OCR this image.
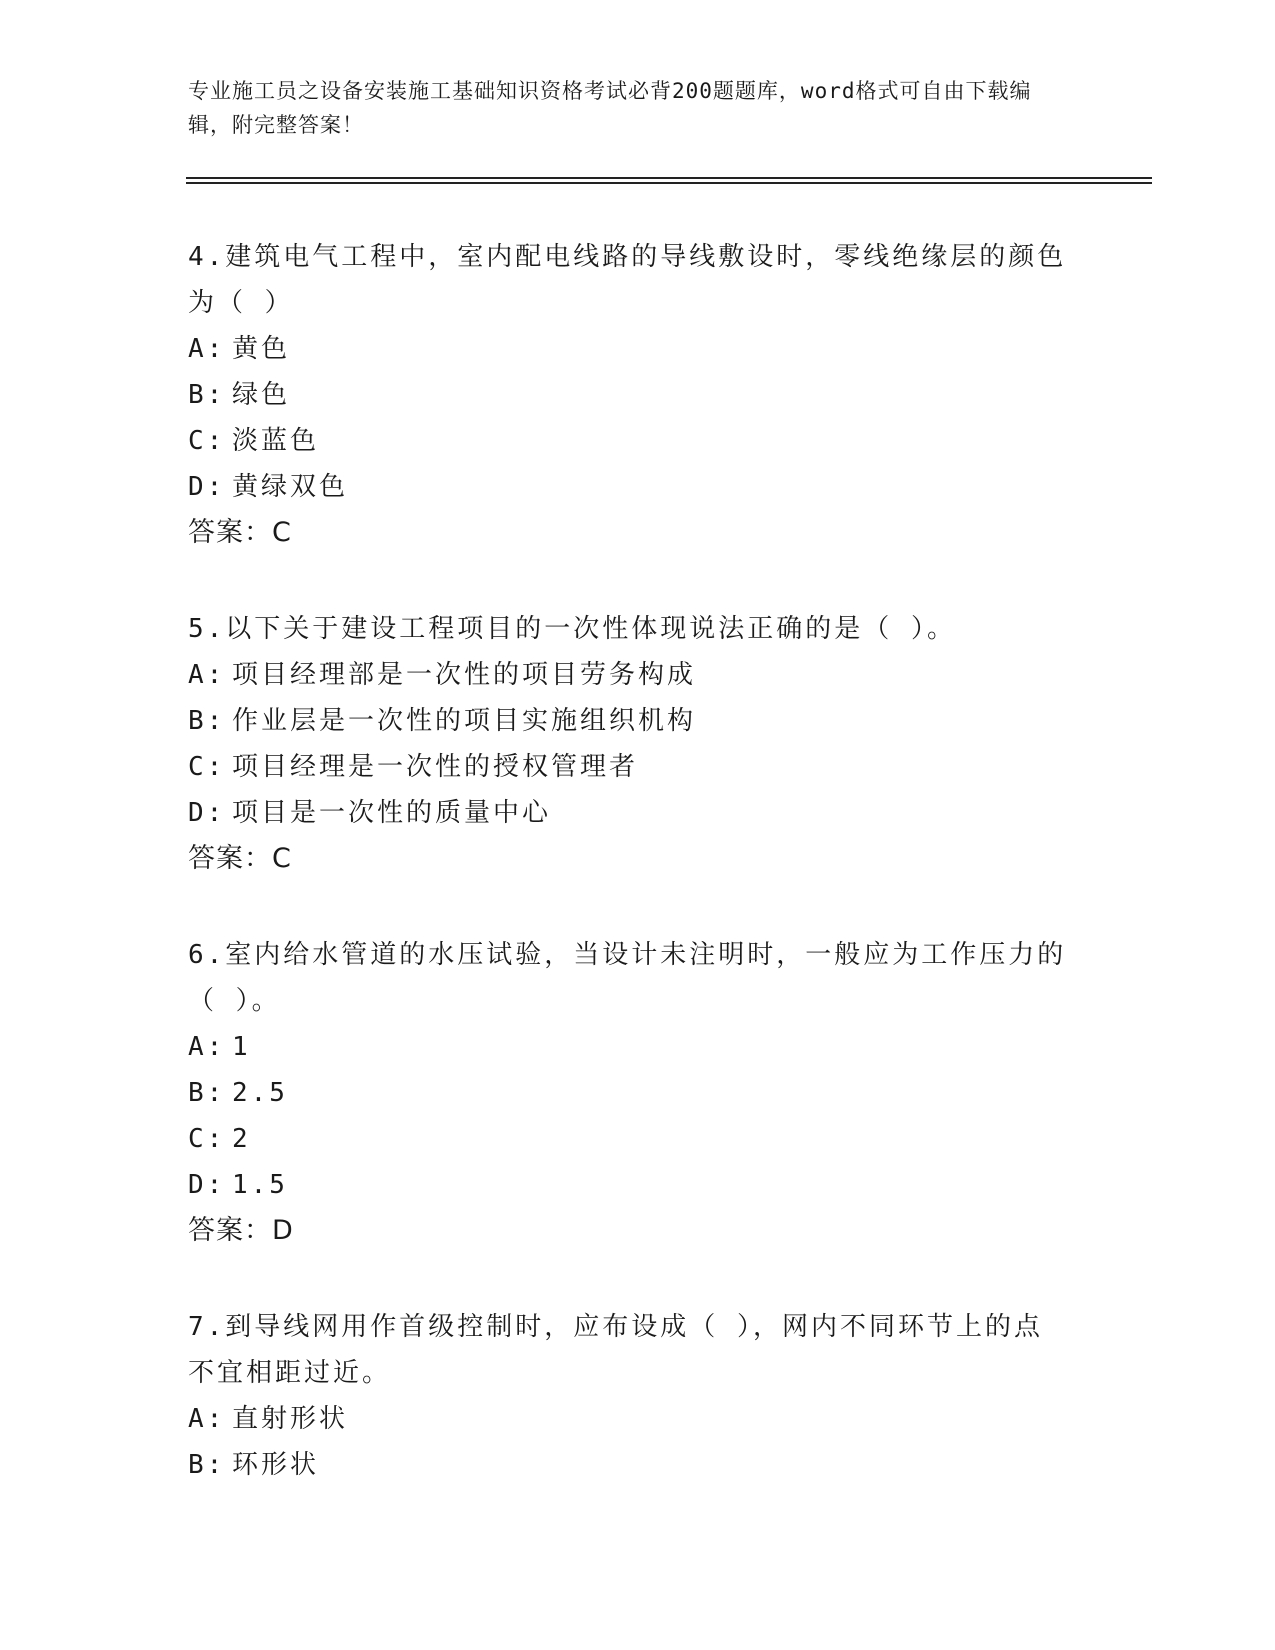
专业施工员之设备安装施工基础知识资格考试必背200题题库，word格式可自由下载编辑，附完整答案！
4.建筑电气工程中，室内配电线路的导线敷设时，零线绝缘层的颜色为（ ）
A: 黄色
B: 绿色
C: 淡蓝色
D: 黄绿双色
答案：C
5.以下关于建设工程项目的一次性体现说法正确的是（ ）。
A: 项目经理部是一次性的项目劳务构成
B: 作业层是一次性的项目实施组织机构
C: 项目经理是一次性的授权管理者
D: 项目是一次性的质量中心
答案：C
6.室内给水管道的水压试验，当设计未注明时，一般应为工作压力的（ ）。
A: 1
B: 2.5
C: 2
D: 1.5
答案：D
7.到导线网用作首级控制时，应布设成（ ），网内不同环节上的点不宜相距过近。
A: 直射形状
B: 环形状
